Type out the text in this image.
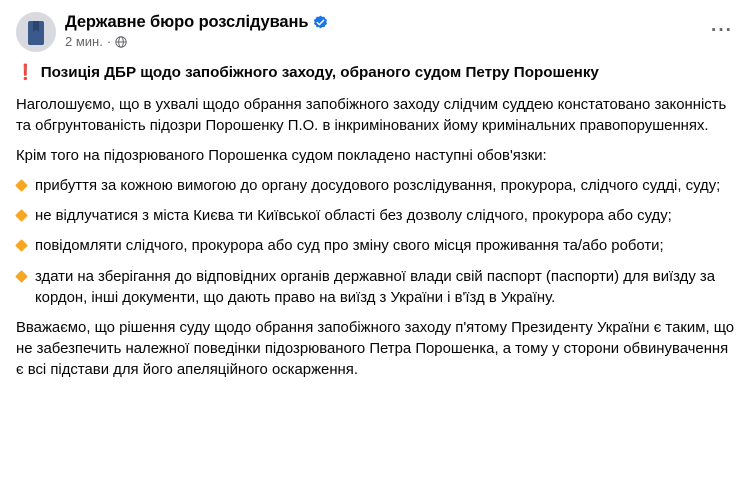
Державне бюро розслідувань
2 мин. ·
···
❗ Позиція ДБР щодо запобіжного заходу, обраного судом Петру Порошенку

Наголошуємо, що в ухвалі щодо обрання запобіжного заходу слідчим суддею констатовано законність та обгрунтованість підозри Порошенку П.О. в інкримінованих йому кримінальних правопорушеннях.

Крім того на підозрюваного Порошенка судом покладено наступні обов'язки:

прибуття за кожною вимогою до органу досудового розслідування, прокурора, слідчого судді, суду;
не відлучатися з міста Києва ти Київської області без дозволу слідчого, прокурора або суду;
повідомляти слідчого, прокурора або суд про зміну свого місця проживання та/або роботи;
здати на зберігання до відповідних органів державної влади свій паспорт (паспорти) для виїзду за кордон, інші документи, що дають право на виїзд з України і в'їзд в Україну.

Вважаємо, що рішення суду щодо обрання запобіжного заходу п'ятому Президенту України є таким, що не забезпечить належної поведінки підозрюваного Петра Порошенка, а тому у сторони обвинувачення є всі підстави для його апеляційного оскарження.
